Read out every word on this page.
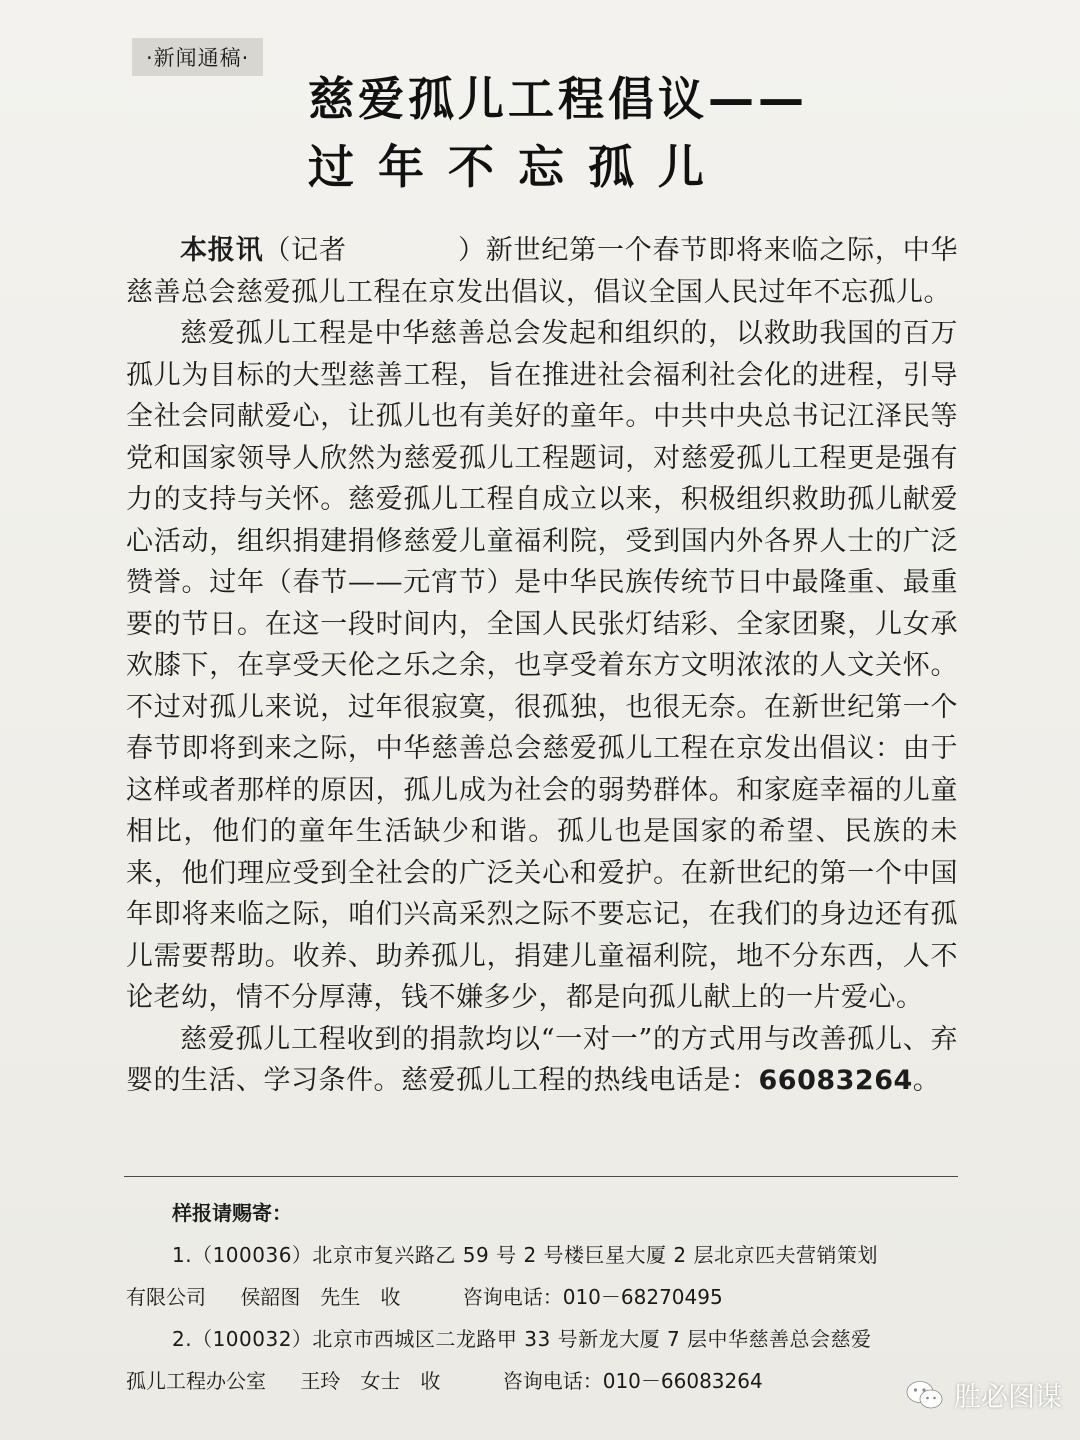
·新闻通稿·
慈爱孤儿工程倡议——
过年不忘孤儿

本报讯（记者　　　　）新世纪第一个春节即将来临之际，中华慈善总会慈爱孤儿工程在京发出倡议，倡议全国人民过年不忘孤儿。

慈爱孤儿工程是中华慈善总会发起和组织的，以救助我国的百万孤儿为目标的大型慈善工程，旨在推进社会福利社会化的进程，引导全社会同献爱心，让孤儿也有美好的童年。中共中央总书记江泽民等党和国家领导人欣然为慈爱孤儿工程题词，对慈爱孤儿工程更是强有力的支持与关怀。慈爱孤儿工程自成立以来，积极组织救助孤儿献爱心活动，组织捐建捐修慈爱儿童福利院，受到国内外各界人士的广泛赞誉。过年（春节——元宵节）是中华民族传统节日中最隆重、最重要的节日。在这一段时间内，全国人民张灯结彩、全家团聚，儿女承欢膝下，在享受天伦之乐之余，也享受着东方文明浓浓的人文关怀。不过对孤儿来说，过年很寂寞，很孤独，也很无奈。在新世纪第一个春节即将到来之际，中华慈善总会慈爱孤儿工程在京发出倡议：由于这样或者那样的原因，孤儿成为社会的弱势群体。和家庭幸福的儿童相比，他们的童年生活缺少和谐。孤儿也是国家的希望、民族的未来，他们理应受到全社会的广泛关心和爱护。在新世纪的第一个中国年即将来临之际，咱们兴高采烈之际不要忘记，在我们的身边还有孤儿需要帮助。收养、助养孤儿，捐建儿童福利院，地不分东西，人不论老幼，情不分厚薄，钱不嫌多少，都是向孤儿献上的一片爱心。

慈爱孤儿工程收到的捐款均以“一对一”的方式用与改善孤儿、弃婴的生活、学习条件。慈爱孤儿工程的热线电话是：66083264。

样报请赐寄：
1.（100036）北京市复兴路乙 59 号 2 号楼巨星大厦 2 层北京匹夫营销策划
有限公司 侯韶图　先生　收	咨询电话：010－68270495
2.（100032）北京市西城区二龙路甲 33 号新龙大厦 7 层中华慈善总会慈爱
孤儿工程办公室 王玲　女士　收	咨询电话：010－66083264
胜必图谋
